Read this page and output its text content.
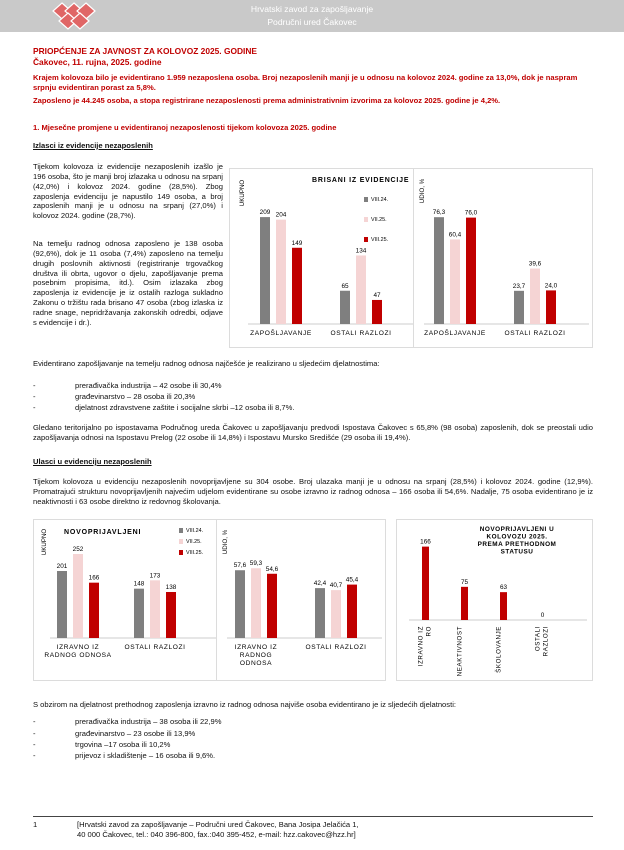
Hrvatski zavod za zapošljavanje
Područni ured Čakovec
PRIOPĆENJE ZA JAVNOST ZA KOLOVOZ 2025. GODINE
Čakovec, 11. rujna, 2025. godine
Krajem kolovoza bilo je evidentirano 1.959 nezaposlena osoba. Broj nezaposlenih manji je u odnosu na kolovoz 2024. godine za 13,0%, dok je naspram srpnju evidentiran porast za 5,8%.
Zaposleno je 44.245 osoba, a stopa registrirane nezaposlenosti prema administrativnim izvorima za kolovoz 2025. godine je 4,2%.
1. Mjesečne promjene u evidentiranoj nezaposlenosti tijekom kolovoza 2025. godine
Izlasci iz evidencije nezaposlenih
Tijekom kolovoza iz evidencije nezaposlenih izašlo je 196 osoba, što je manji broj izlazaka u odnosu na srpanj (42,0%) i kolovoz 2024. godine (28,5%). Zbog zaposlenja evidenciju je napustilo 149 osoba, a broj zaposlenih manji je u odnosu na srpanj (27,0%) i kolovoz 2024. godine (28,7%).
Na temelju radnog odnosa zaposleno je 138 osoba (92,6%), dok je 11 osoba (7,4%) zaposleno na temelju drugih poslovnih aktivnosti (registriranje trgovačkog društva ili obrta, ugovor o djelu, zapošljavanje prema posebnim propisima, itd.). Osim izlazaka zbog zaposlenja iz evidencije je iz ostalih razloga sukladno Zakonu o tržištu rada brisano 47 osoba (zbog izlaska iz radne snage, nepridržavanja zakonskih odredbi, odjave s evidencije i dr.).
UKUPNO	BRISANI IZ EVIDENCIJE
209 204
149
ZAPOŠLJAVANJE
65
134
47
OSTALI RAZLOZI
VIII.24.
VII.25.
VIII.25.
UDIO, %
76,3
60,4
76,0
ZAPOŠLJAVANJE
23,7
39,6
24,0
OSTALI RAZLOZI
Evidentirano zapošljavanje na temelju radnog odnosa najčešće je realizirano u sljedećim djelatnostima:
-	prerađivačka industrija – 42 osobe ili 30,4%
-	građevinarstvo – 28 osoba ili 20,3%
-	djelatnost zdravstvene zaštite i socijalne skrbi –12 osoba ili 8,7%.
Gledano teritorijalno po ispostavama Područnog ureda Čakovec u zapošljavanju predvodi Ispostava Čakovec s 65,8% (98 osoba) zaposlenih, dok se preostali udio zapošljavanja odnosi na Ispostavu Prelog (22 osobe ili 14,8%) i Ispostavu Mursko Središće (29 osoba ili 19,4%).
Ulasci u evidenciju nezaposlenih
Tijekom kolovoza u evidenciju nezaposlenih novoprijavljene su 304 osobe. Broj ulazaka manji je u odnosu na srpanj (28,5%) i kolovoz 2024. godine (12,9%). Promatrajući strukturu novoprijavljenih najvećim udjelom evidentirane su osobe izravno iz radnog odnosa – 166 osoba ili 54,6%. Nadalje, 75 osoba evidentirano je iz neaktivnosti i 63 osobe direktno iz redovnog školovanja.
UKUPNO NOVOPRIJAVLJENI
201
252
166
IZRAVNO IZ
RADNOG ODNOSA
148
173
138
OSTALI RAZLOZI
VIII.24.
VII.25.
VIII.25.	UDIO, %
57,6 59,3
54,6
IZRAVNO IZ
RADNOG
ODNOSA
42,4 40,7
45,4
OSTALI RAZLOZI
NOVOPRIJAVLJENI U
KOLOVOZU 2025.
PREMA PRETHODNOM
STATUSU
166
IZRAVNO IZ RO
75
NEAKTIVNOST
63
ŠKOLOVANJE
0
OSTALI RAZLOZI
S obzirom na djelatnost prethodnog zaposlenja izravno iz radnog odnosa najviše osoba evidentirano je iz sljedećih djelatnosti:
-	prerađivačka industrija – 38 osoba ili 22,9%
-	građevinarstvo – 23 osobe ili 13,9%
-	trgovina –17 osoba ili 10,2%
-	prijevoz i skladištenje – 16 osoba ili 9,6%.
1	[Hrvatski zavod za zapošljavanje – Područni ured Čakovec, Bana Josipa Jelačića 1,
40 000 Čakovec, tel.: 040 396-800, fax.:040 395-452, e-mail: hzz.cakovec@hzz.hr]
